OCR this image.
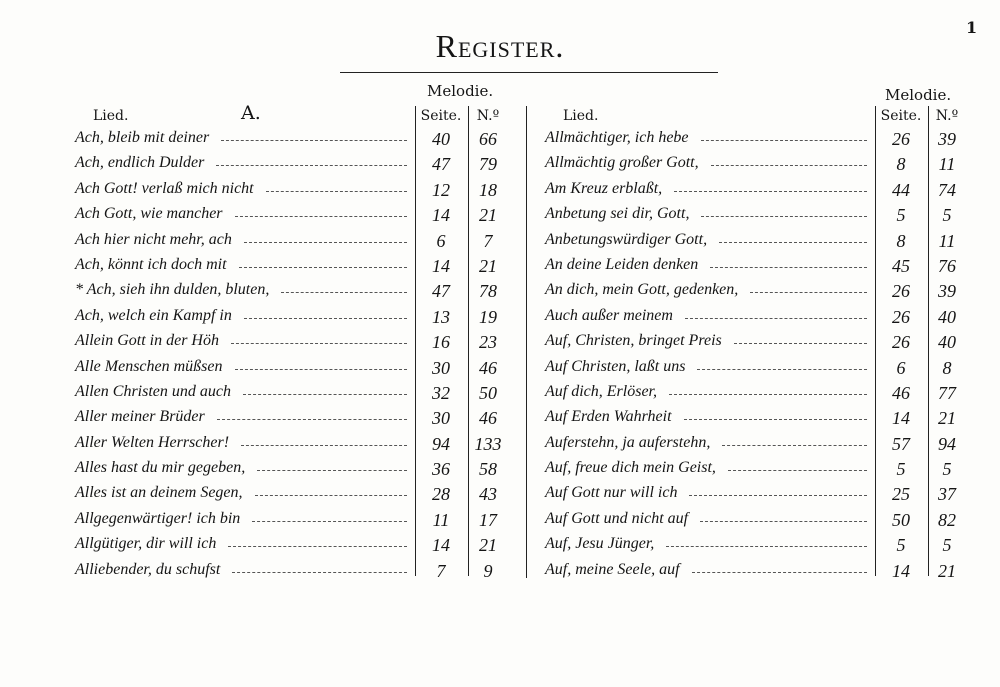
1
Register.
Melodie.
Lied.	A.	Seite.	N.º
Ach, bleib mit deiner	40	66
Ach, endlich Dulder	47	79
Ach Gott! verlaß mich nicht	12	18
Ach Gott, wie mancher	14	21
Ach hier nicht mehr, ach	6	7
Ach, könnt ich doch mit	14	21
* Ach, sieh ihn dulden, bluten,	47	78
Ach, welch ein Kampf in	13	19
Allein Gott in der Höh	16	23
Alle Menschen müßsen	30	46
Allen Christen und auch	32	50
Aller meiner Brüder	30	46
Aller Welten Herrscher!	94	133
Alles hast du mir gegeben,	36	58
Alles ist an deinem Segen,	28	43
Allgegenwärtiger! ich bin	11	17
Allgütiger, dir will ich	14	21
Alliebender, du schufst	7	9
Melodie.
Lied.	Seite.	N.º
Allmächtiger, ich hebe	26	39
Allmächtig großer Gott,	8	11
Am Kreuz erblaßt,	44	74
Anbetung sei dir, Gott,	5	5
Anbetungswürdiger Gott,	8	11
An deine Leiden denken	45	76
An dich, mein Gott, gedenken,	26	39
Auch außer meinem	26	40
Auf, Christen, bringet Preis	26	40
Auf Christen, laßt uns	6	8
Auf dich, Erlöser,	46	77
Auf Erden Wahrheit	14	21
Auferstehn, ja auferstehn,	57	94
Auf, freue dich mein Geist,	5	5
Auf Gott nur will ich	25	37
Auf Gott und nicht auf	50	82
Auf, Jesu Jünger,	5	5
Auf, meine Seele, auf	14	21
